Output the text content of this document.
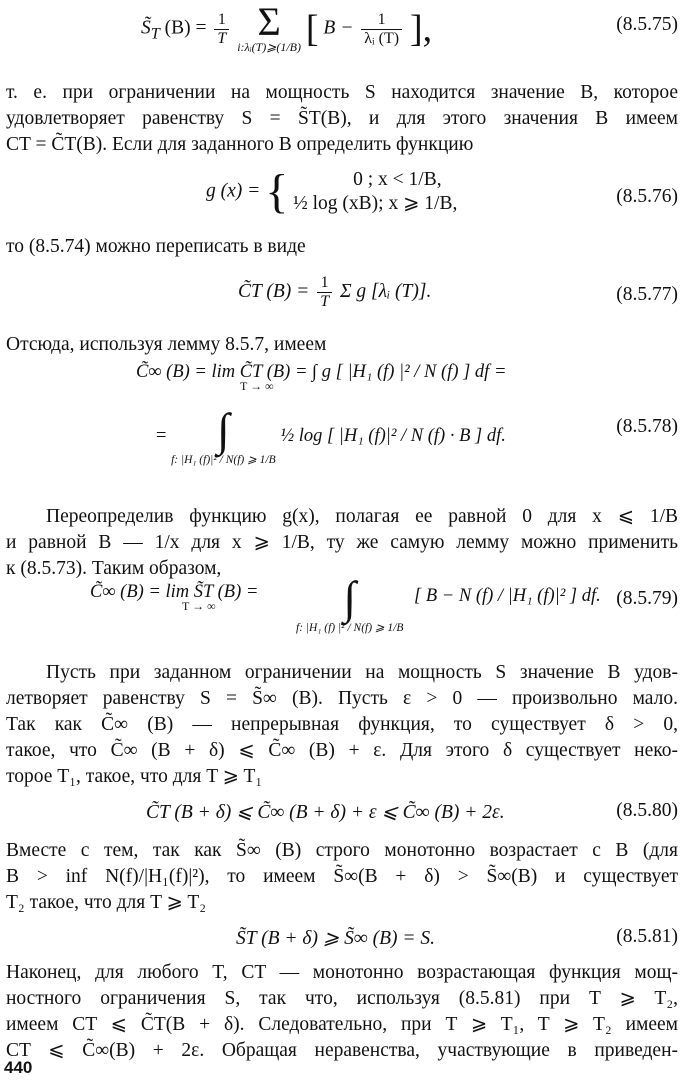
$S̃_T$ $(B) = \frac{1}{T}$
Σ
i:λᵢ(T)⩾(1/B) [ $B - \frac{1}{\text{λᵢ (T)}}$ ],	(8.5.75)
т. е. при ограничении на мощность S находится значение B, которое
удовлетворяет равенству S = S̃T(B), и для этого значения B имеем
CT = C̃T(B). Если для заданного B определить функцию
g (x) = {	0 ; x < 1/B,
½ log (xB); x ⩾ 1/B,	(8.5.76)
то (8.5.74) можно переписать в виде
C̃T $(B) = \frac{1}{T}$ Σ g [λᵢ (T)].	(8.5.77)
Отсюда, используя лемму 8.5.7, имеем
C̃∞ (B) = lim C̃T (B) = ∫ g [ |H₁ (f) |² / N (f) ] df =
T → ∞
=	∫
f: |H₁ (f)|² / N(f) ⩾ 1/B
½ log [ |H₁ (f)|² / N (f) · B ] df.	(8.5.78)
Переопределив функцию g(x), полагая ее равной 0 для x ⩽ 1/B
и равной B — 1/x для x ⩾ 1/B, ту же самую лемму можно применить
к (8.5.73). Таким образом,
C̃∞ (B) = lim S̃T (B) =
T → ∞	∫
f: |H₁ (f) |² / N(f) ⩾ 1/B
[ B − N (f) / |H₁ (f)|² ] df. (8.5.79)
Пусть при заданном ограничении на мощность S значение B удов-
летворяет равенству S = S̃∞ (B). Пусть ε > 0 — произвольно мало.
Так как C̃∞ (B) — непрерывная функция, то существует δ > 0,
такое, что C̃∞ (B + δ) ⩽ C̃∞ (B) + ε. Для этого δ существует неко-
торое T₁, такое, что для T ⩾ T₁
C̃T (B + δ) ⩽ C̃∞ (B + δ) + ε ⩽ C̃∞ (B) + 2ε.	(8.5.80)
Вместе с тем, так как S̃∞ (B) строго монотонно возрастает с B (для
B > inf N(f)/|H₁(f)|²), то имеем S̃∞(B + δ) > S̃∞(B) и существует
T₂ такое, что для T ⩾ T₂
S̃T (B + δ) ⩾ S̃∞ (B) = S.	(8.5.81)
Наконец, для любого T, CT — монотонно возрастающая функция мощ-
ностного ограничения S, так что, используя (8.5.81) при T ⩾ T₂,
имеем CT ⩽ C̃T(B + δ). Следовательно, при T ⩾ T₁, T ⩾ T₂ имеем
CT ⩽ C̃∞(B) + 2ε. Обращая неравенства, участвующие в приведен-
440
